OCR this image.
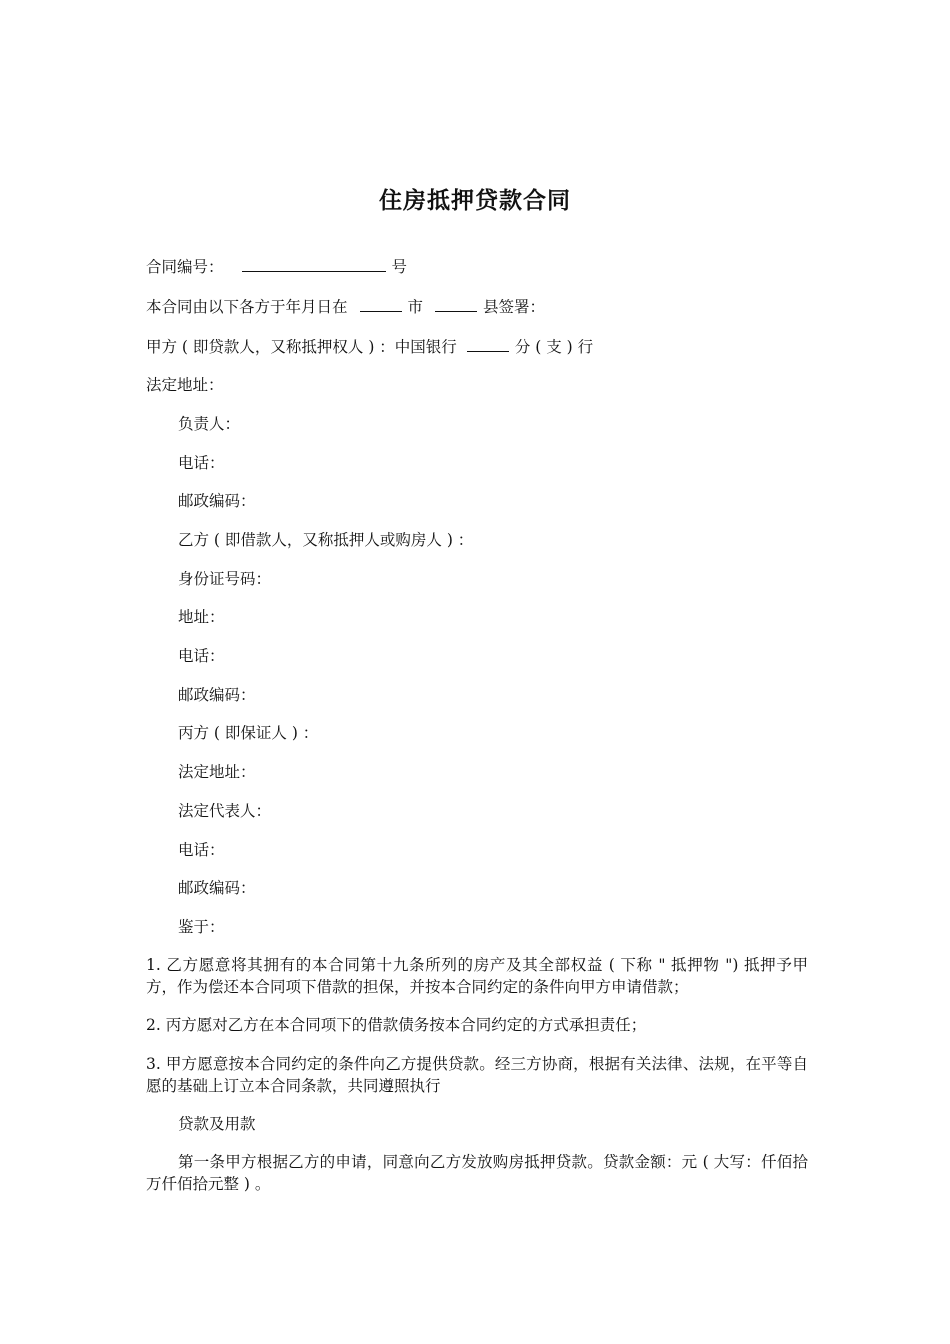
住房抵押贷款合同
合同编号：	号
本合同由以下各方于年月日在	市	县签署：
甲方 ( 即贷款人，又称抵押权人 ) ：中国银行	分 ( 支 ) 行
法定地址：
负责人：
电话：
邮政编码：
乙方 ( 即借款人，又称抵押人或购房人 ) ：
身份证号码：
地址：
电话：
邮政编码：
丙方 ( 即保证人 ) ：
法定地址：
法定代表人：
电话：
邮政编码：
鉴于：
1. 乙方愿意将其拥有的本合同第十九条所列的房产及其全部权益 ( 下称 " 抵押物 ") 抵押予甲方，作为偿还本合同项下借款的担保，并按本合同约定的条件向甲方申请借款；
2. 丙方愿对乙方在本合同项下的借款债务按本合同约定的方式承担责任；
3. 甲方愿意按本合同约定的条件向乙方提供贷款。经三方协商，根据有关法律、法规，在平等自愿的基础上订立本合同条款，共同遵照执行
贷款及用款
第一条甲方根据乙方的申请，同意向乙方发放购房抵押贷款。贷款金额：元 ( 大写：仟佰拾万仟佰拾元整 ) 。
